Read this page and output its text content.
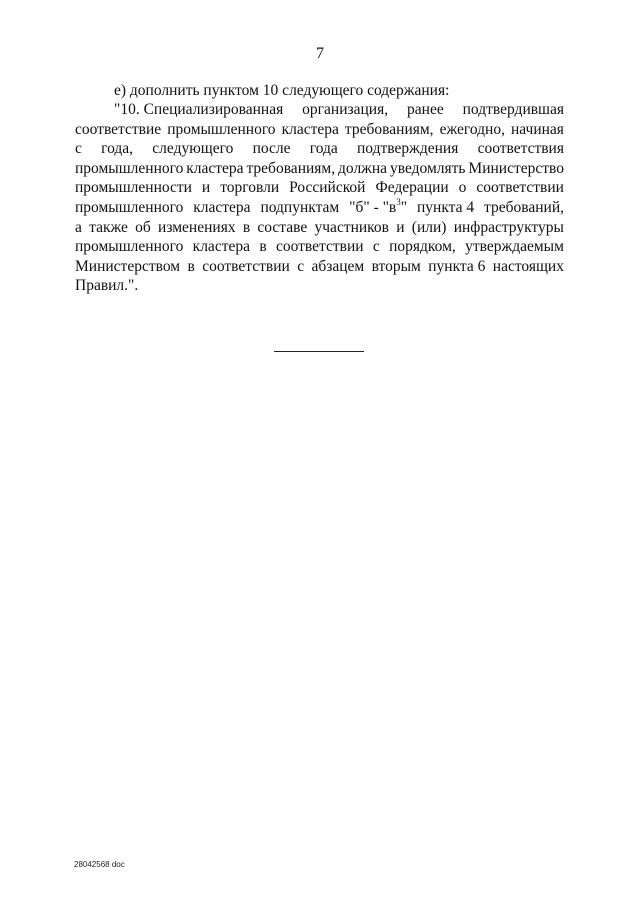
7
е) дополнить пунктом 10 следующего содержания:
"10. Специализированная организация, ранее подтвердившая
соответствие промышленного кластера требованиям, ежегодно, начиная
с года, следующего после года подтверждения соответствия
промышленного кластера требованиям, должна уведомлять Министерство
промышленности и торговли Российской Федерации о соответствии
промышленного кластера подпунктам "б" - "$в^3$" пункта 4 требований,
а также об изменениях в составе участников и (или) инфраструктуры
промышленного кластера в соответствии с порядком, утверждаемым
Министерством в соответствии с абзацем вторым пункта 6 настоящих
Правил.".
28042568 doc
